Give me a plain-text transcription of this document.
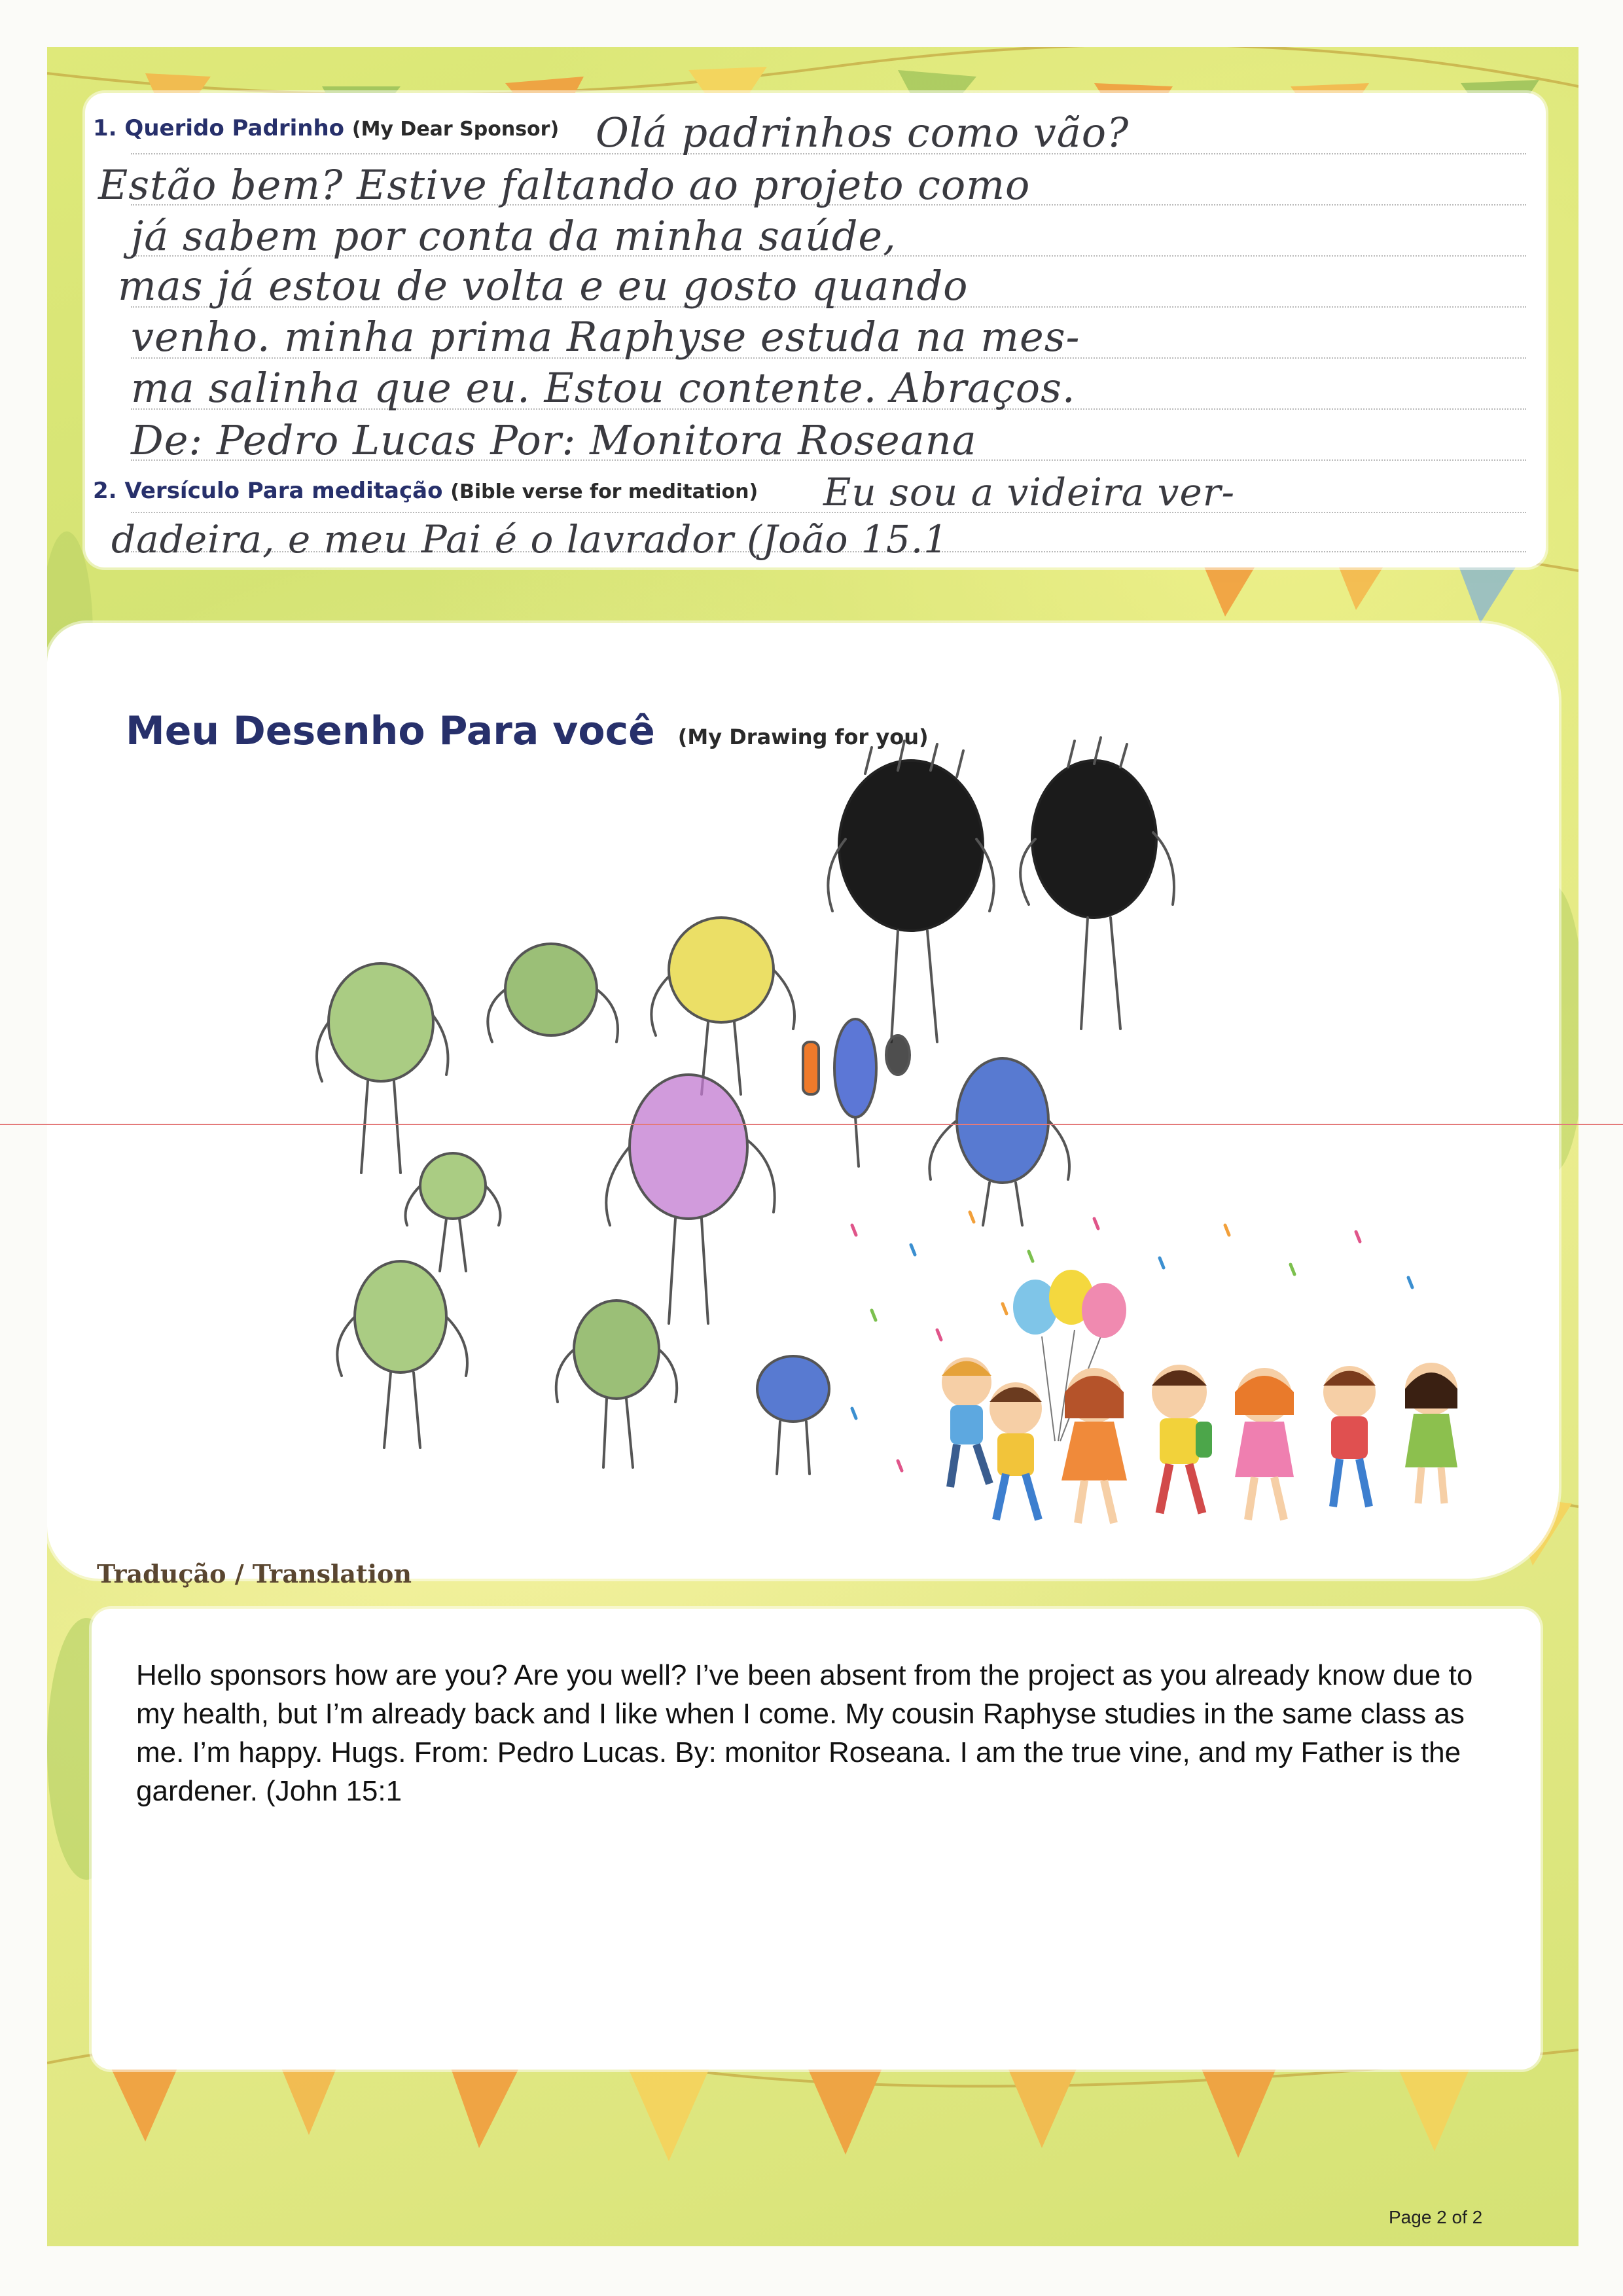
1. Querido Padrinho (My Dear Sponsor) Olá padrinhos como vão?
Estão bem? Estive faltando ao projeto como
já sabem por conta da minha saúde,
mas já estou de volta e eu gosto quando
venho. minha prima Raphyse estuda na mes-
ma salinha que eu. Estou contente. Abraços.
De: Pedro Lucas Por: Monitora Roseana
2. Versículo Para meditação (Bible verse for meditation) Eu sou a videira ver-
dadeira, e meu Pai é o lavrador (João 15.1
Meu Desenho Para você (My Drawing for you)
Tradução / Translation
Hello sponsors how are you? Are you well? I’ve been absent from the project as you already know due to my health, but I’m already back and I like when I come. My cousin Raphyse studies in the same class as me. I’m happy. Hugs. From: Pedro Lucas. By: monitor Roseana. I am the true vine, and my Father is the gardener. (John 15:1
Page 2 of 2
